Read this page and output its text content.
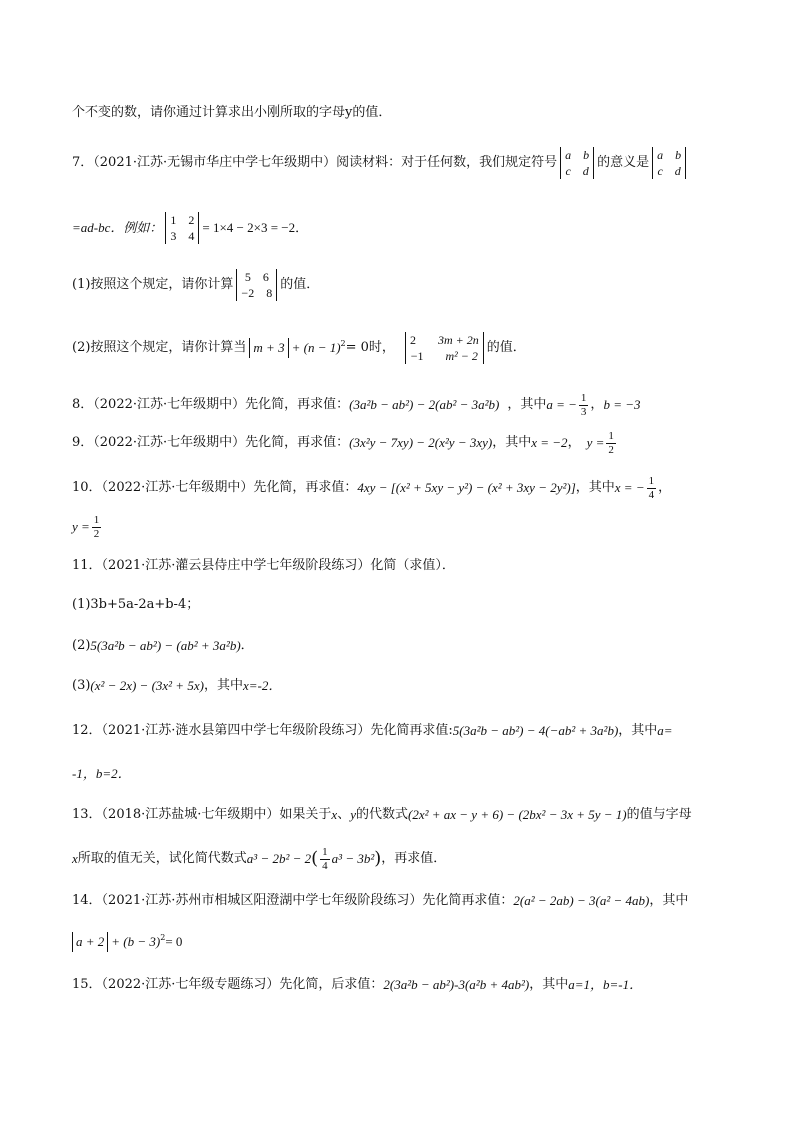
个不变的数，请你通过计算求出小刚所取的字母y的值．
7．（2021·江苏·无锡市华庄中学七年级期中）阅读材料：对于任何数，我们规定符号 a b
c d
的意义是 a b
c d
=ad-bc．例如： 1 2
3 4
= 1×4 − 2×3 = −2．
(1)按照这个规定，请你计算 5 6
−2 8
的值．
(2)按照这个规定，请你计算当 $m + 3 + (n - 1)^2 = 0$时， 2 3m + 2n
−1 m² − 2
的值．
8．（2022·江苏·七年级期中）先化简，再求值： (3a²b − ab²) − 2(ab² − 3a²b) ，其中 a = − $\frac{1}{3}$ ， b = −3
9．（2022·江苏·七年级期中）先化简，再求值： (3x²y − 7xy) − 2(x²y − 3xy) ，其中 x = −2 ， $y = \frac{1}{2}$
10．（2022·江苏·七年级期中）先化简，再求值： 4xy − [(x² + 5xy − y²) − (x² + 3xy − 2y²)] ，其中 x = − $\frac{1}{4}$ ，
$y = \frac{1}{2}$
11．（2021·江苏·灌云县侍庄中学七年级阶段练习）化简（求值）．
(1)3b+5a-2a+b-4；
(2) 5(3a²b − ab²) − (ab² + 3a²b) ．
(3) (x² − 2x) − (3x² + 5x) ，其中 x=-2．
12．（2021·江苏·涟水县第四中学七年级阶段练习）先化简再求值: 5(3a²b − ab²) − 4(−ab² + 3a²b) ，其中 a=
-1，b=2．
13．（2018·江苏盐城·七年级期中）如果关于 x 、 y 的代数式 (2x² + ax − y + 6) − (2bx² − 3x + 5y − 1) 的值与字母
x 所取的值无关，试化简代数式 a³ − 2b² − 2 ( $\frac{1}{4} a^3 - 3b^2$ ) ，再求值．
14．（2021·江苏·苏州市相城区阳澄湖中学七年级阶段练习）先化简再求值： 2(a² − 2ab) − 3(a² − 4ab) ，其中
$a + 2 + (b - 3)^2 = 0$
15．（2022·江苏·七年级专题练习）先化简，后求值： 2(3a²b − ab²)-3(a²b + 4ab²) ，其中 a=1，b=-1．
